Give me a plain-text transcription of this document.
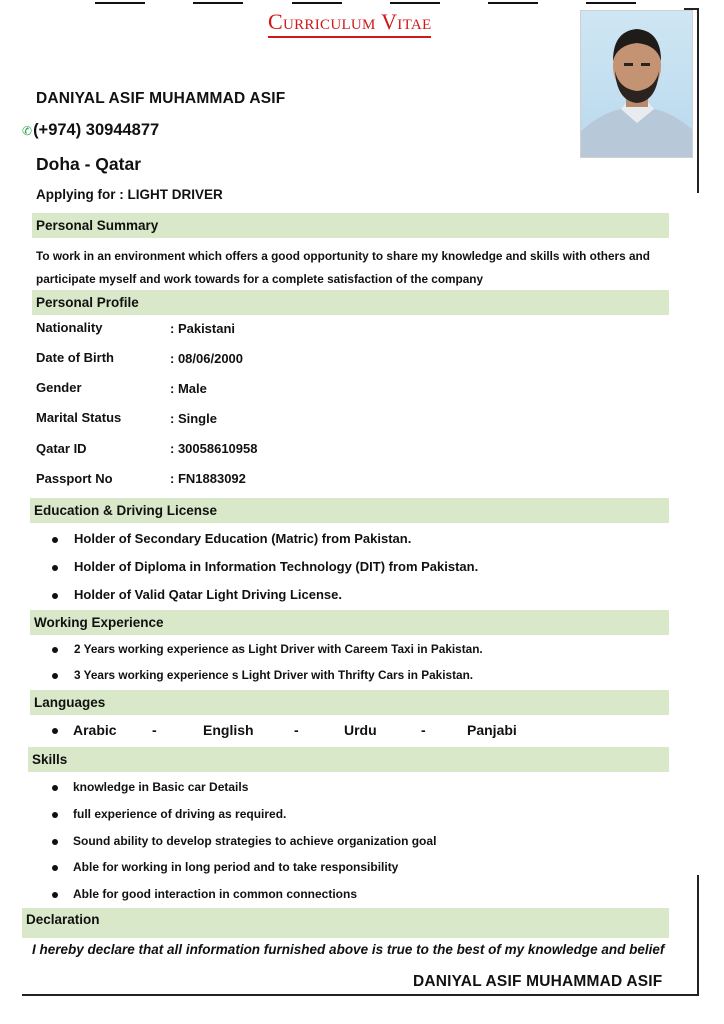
Curriculum Vitae
DANIYAL ASIF MUHAMMAD ASIF
✆(+974) 30944877
Doha - Qatar
Applying for : LIGHT DRIVER
Personal Summary
To work in an environment which offers a good opportunity to share my knowledge and skills with others and
participate myself and work towards for a complete satisfaction of the company
Personal Profile
Nationality	: Pakistani
Date of Birth	: 08/06/2000
Gender	: Male
Marital Status	: Single
Qatar ID	: 30058610958
Passport No	: FN1883092
Education & Driving License
Holder of Secondary Education (Matric) from Pakistan.
Holder of Diploma in Information Technology (DIT) from Pakistan.
Holder of Valid Qatar Light Driving License.
Working Experience
2 Years working experience as Light Driver with Careem Taxi in Pakistan.
3 Years working experience s Light Driver with Thrifty Cars in Pakistan.
Languages
Arabic	-	English	-	Urdu	-	Panjabi
Skills
knowledge in Basic car Details
full experience of driving as required.
Sound ability to develop strategies to achieve organization goal
Able for working in long period and to take responsibility
Able for good interaction in common connections
Declaration
I hereby declare that all information furnished above is true to the best of my knowledge and belief
DANIYAL ASIF MUHAMMAD ASIF
